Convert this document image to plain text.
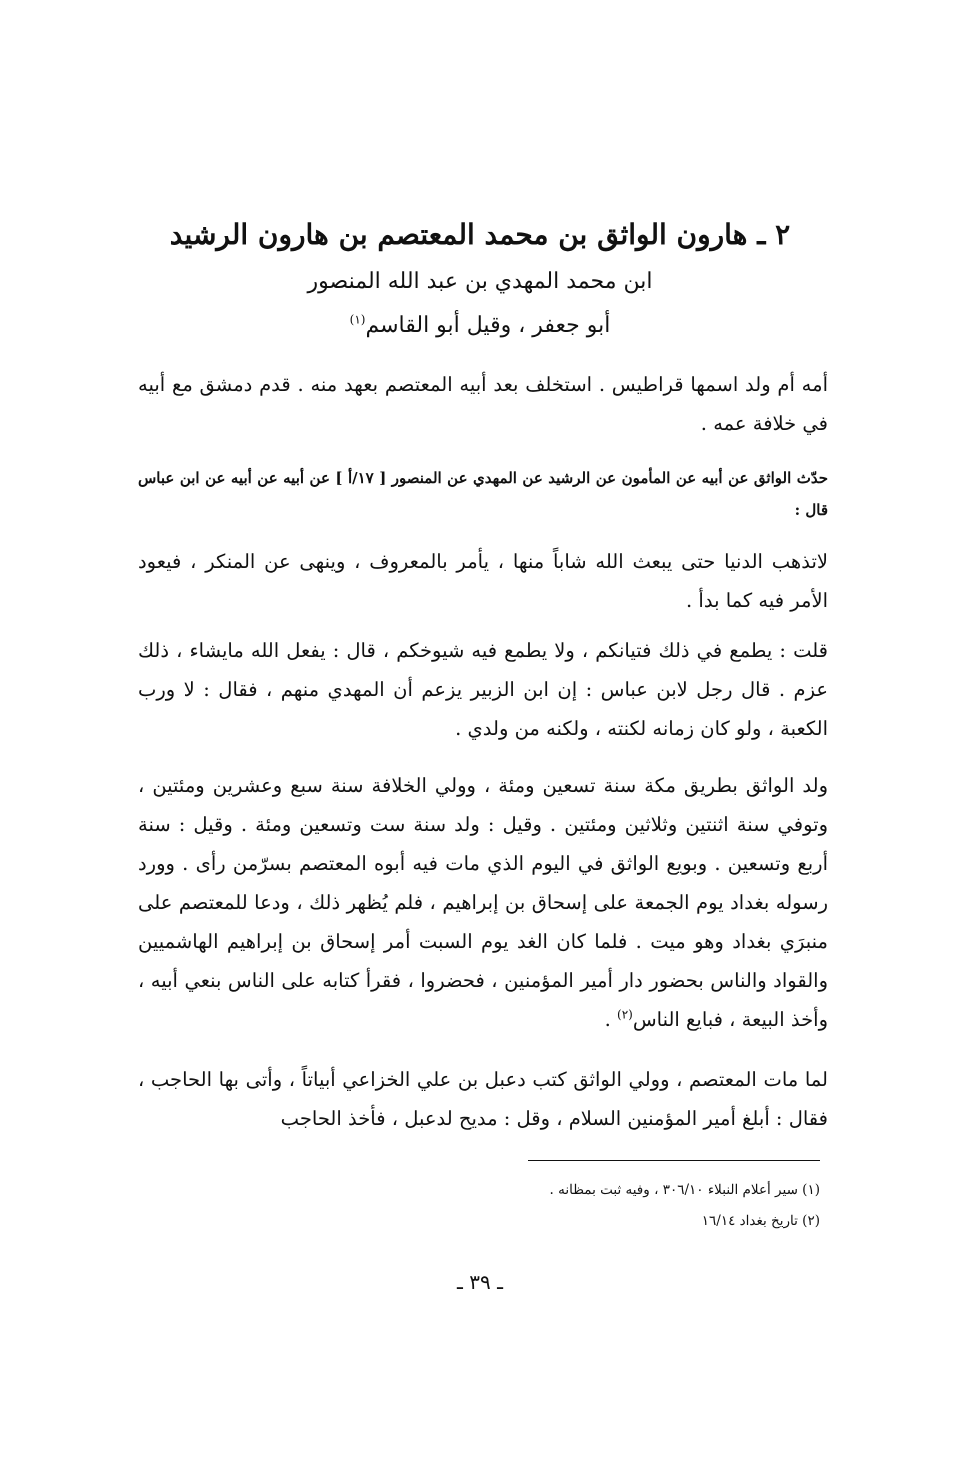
٢ ـ هارون الواثق بن محمد المعتصم بن هارون الرشيد
ابن محمد المهدي بن عبد الله المنصور
أبو جعفر ، وقيل أبو القاسم$^{(١)}$
أمه أم ولد اسمها قراطيس . استخلف بعد أبيه المعتصم بعهد منه . قدم دمشق مع أبيه في خلافة عمه .
حدّث الواثق عن أبيه عن المأمون عن الرشيد عن المهدي عن المنصور [ ١٧/أ ] عن أبيه عن أبيه عن ابن عباس قال :
لاتذهب الدنيا حتى يبعث الله شاباً منها ، يأمر بالمعروف ، وينهى عن المنكر ، فيعود الأمر فيه كما بدأ .
قلت : يطمع في ذلك فتيانكم ، ولا يطمع فيه شيوخكم ، قال : يفعل الله مايشاء ، ذلك عزم . قال رجل لابن عباس : إن ابن الزبير يزعم أن المهدي منهم ، فقال : لا ورب الكعبة ، ولو كان زمانه لكنته ، ولكنه من ولدي .
ولد الواثق بطريق مكة سنة تسعين ومئة ، وولي الخلافة سنة سبع وعشرين ومئتين ، وتوفي سنة اثنتين وثلاثين ومئتين . وقيل : ولد سنة ست وتسعين ومئة . وقيل : سنة أربع وتسعين . وبويع الواثق في اليوم الذي مات فيه أبوه المعتصم بسرّمن رأى . وورد رسوله بغداد يوم الجمعة على إسحاق بن إبراهيم ، فلم يُظهر ذلك ، ودعا للمعتصم على منبرَي بغداد وهو ميت . فلما كان الغد يوم السبت أمر إسحاق بن إبراهيم الهاشميين والقواد والناس بحضور دار أمير المؤمنين ، فحضروا ، فقرأ كتابه على الناس بنعي أبيه ، وأخذ البيعة ، فبايع الناس$^{(٢)}$ .
لما مات المعتصم ، وولي الواثق كتب دعبل بن علي الخزاعي أبياتاً ، وأتى بها الحاجب ، فقال : أبلغ أمير المؤمنين السلام ، وقل : مديح لدعبل ، فأخذ الحاجب
(١) سير أعلام النبلاء ٣٠٦/١٠ ، وفيه ثبت بمظانه .
(٢) تاريخ بغداد ١٦/١٤
ـ ٣٩ ـ
